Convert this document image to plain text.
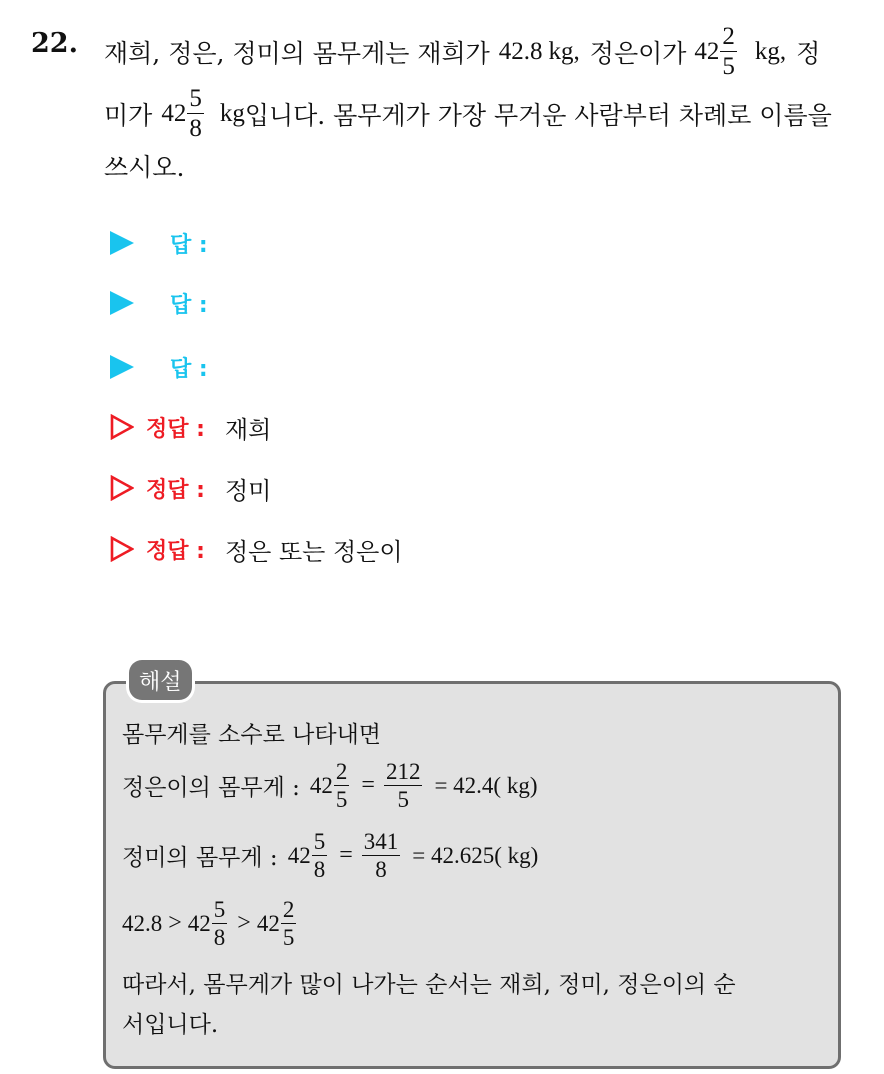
22. 재희, 정은, 정미의 몸무게는 재희가 42.8 kg, 정은이가 $42 \frac{2}{5}$ kg, 정
미가 $42 \frac{5}{8}$ kg 입니다. 몸무게가 가장 무거운 사람부터 차례로 이름을
쓰시오.
답 :
답 :
답 :
정답 : 재희
정답 : 정미
정답 : 정은 또는 정은이
해설
몸무게를 소수로 나타내면
정은이의 몸무게 : $42 \frac{2}{5} = \frac{212}{5} = 42.4$( kg)
정미의 몸무게 : $42 \frac{5}{8} = \frac{341}{8} = 42.625$( kg)
$42.8 > 42 \frac{5}{8} > 42 \frac{2}{5}$
따라서, 몸무게가 많이 나가는 순서는 재희, 정미, 정은이의 순
서입니다.
